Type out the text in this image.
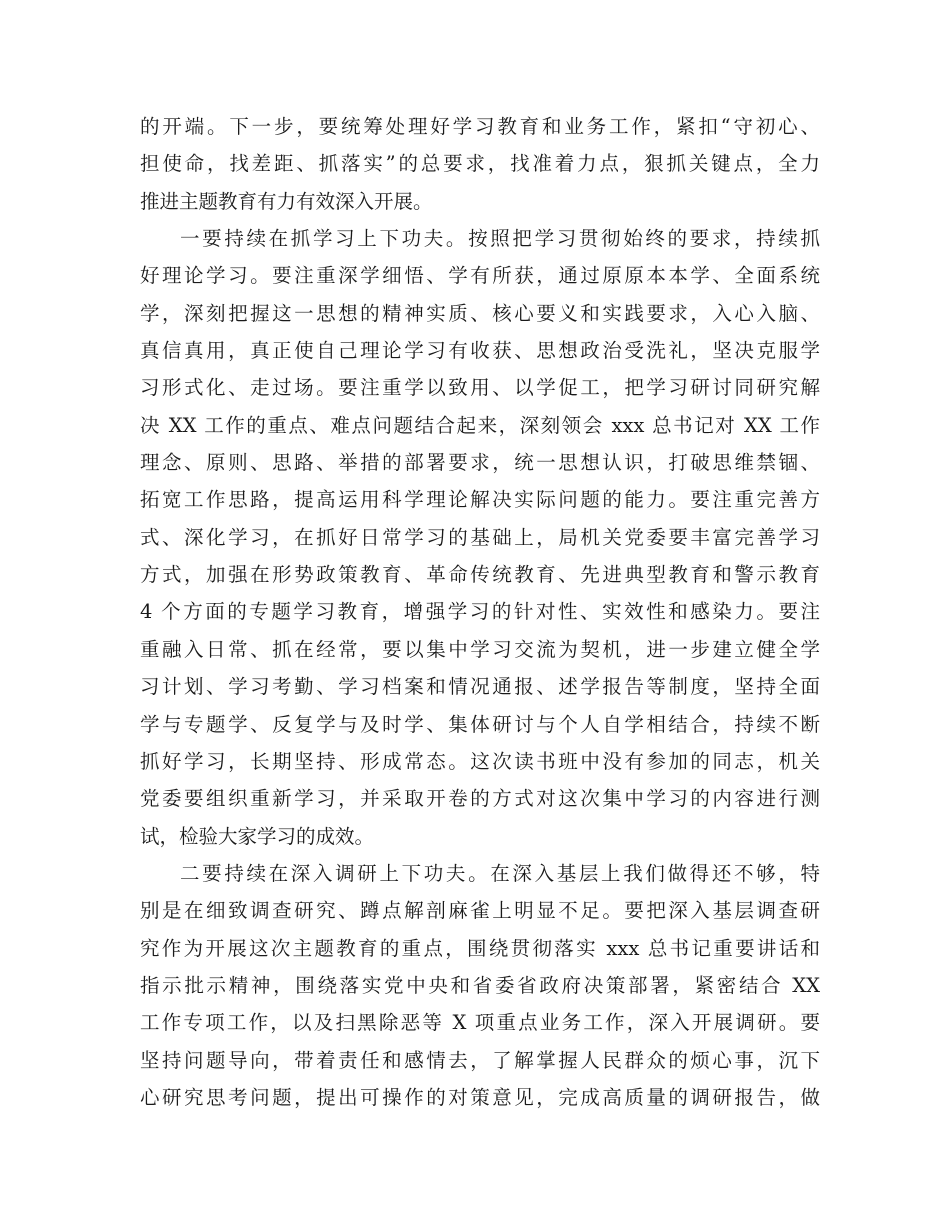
的开端。下一步，要统筹处理好学习教育和业务工作，紧扣“守初心、
担使命，找差距、抓落实”的总要求，找准着力点，狠抓关键点，全力
推进主题教育有力有效深入开展。
一要持续在抓学习上下功夫。按照把学习贯彻始终的要求，持续抓
好理论学习。要注重深学细悟、学有所获，通过原原本本学、全面系统
学，深刻把握这一思想的精神实质、核心要义和实践要求，入心入脑、
真信真用，真正使自己理论学习有收获、思想政治受洗礼，坚决克服学
习形式化、走过场。要注重学以致用、以学促工，把学习研讨同研究解
决 XX 工作的重点、难点问题结合起来，深刻领会 xxx 总书记对 XX 工作
理念、原则、思路、举措的部署要求，统一思想认识，打破思维禁锢、
拓宽工作思路，提高运用科学理论解决实际问题的能力。要注重完善方
式、深化学习，在抓好日常学习的基础上，局机关党委要丰富完善学习
方式，加强在形势政策教育、革命传统教育、先进典型教育和警示教育
4 个方面的专题学习教育，增强学习的针对性、实效性和感染力。要注
重融入日常、抓在经常，要以集中学习交流为契机，进一步建立健全学
习计划、学习考勤、学习档案和情况通报、述学报告等制度，坚持全面
学与专题学、反复学与及时学、集体研讨与个人自学相结合，持续不断
抓好学习，长期坚持、形成常态。这次读书班中没有参加的同志，机关
党委要组织重新学习，并采取开卷的方式对这次集中学习的内容进行测
试，检验大家学习的成效。
二要持续在深入调研上下功夫。在深入基层上我们做得还不够，特
别是在细致调查研究、蹲点解剖麻雀上明显不足。要把深入基层调查研
究作为开展这次主题教育的重点，围绕贯彻落实 xxx 总书记重要讲话和
指示批示精神，围绕落实党中央和省委省政府决策部署，紧密结合 XX
工作专项工作，以及扫黑除恶等 X 项重点业务工作，深入开展调研。要
坚持问题导向，带着责任和感情去，了解掌握人民群众的烦心事，沉下
心研究思考问题，提出可操作的对策意见，完成高质量的调研报告，做
